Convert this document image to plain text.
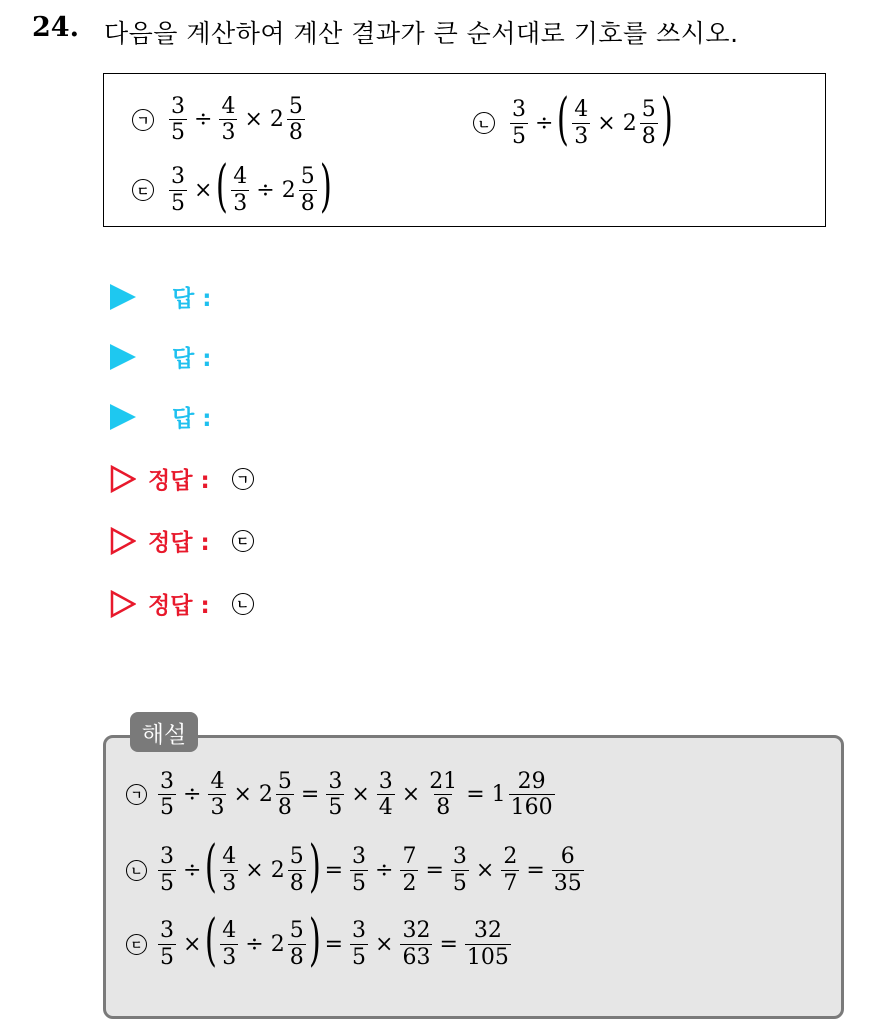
24. 다음을 계산하여 계산 결과가 큰 순서대로 기호를 쓰시오.
ㄱ $\frac{3}{5} \div \frac{4}{3} \times 2 \frac{5}{8}$	ㄴ $\frac{3}{5}$ ÷ ( $\frac{4}{3} \times 2 \frac{5}{8}$ )
ㄷ $\frac{3}{5}$ × ( $\frac{4}{3} \div 2 \frac{5}{8}$ )
답 :
답 :
답 :
정답 :	ㄱ
정답 :	ㄷ
정답 :	ㄴ
해설
ㄱ $\frac{3}{5} \div \frac{4}{3} \times 2 \frac{5}{8} = \frac{3}{5} \times \frac{3}{4} \times \frac{21}{8} = 1 \frac{29}{160}$
ㄴ $\frac{3}{5}$ ÷ ( $\frac{4}{3} \times 2 \frac{5}{8}$ ) = $\frac{3}{5} \div \frac{7}{2} = \frac{3}{5} \times \frac{2}{7} = \frac{6}{35}$
ㄷ $\frac{3}{5}$ × ( $\frac{4}{3} \div 2 \frac{5}{8}$ ) = $\frac{3}{5} \times \frac{32}{63} = \frac{32}{105}$
